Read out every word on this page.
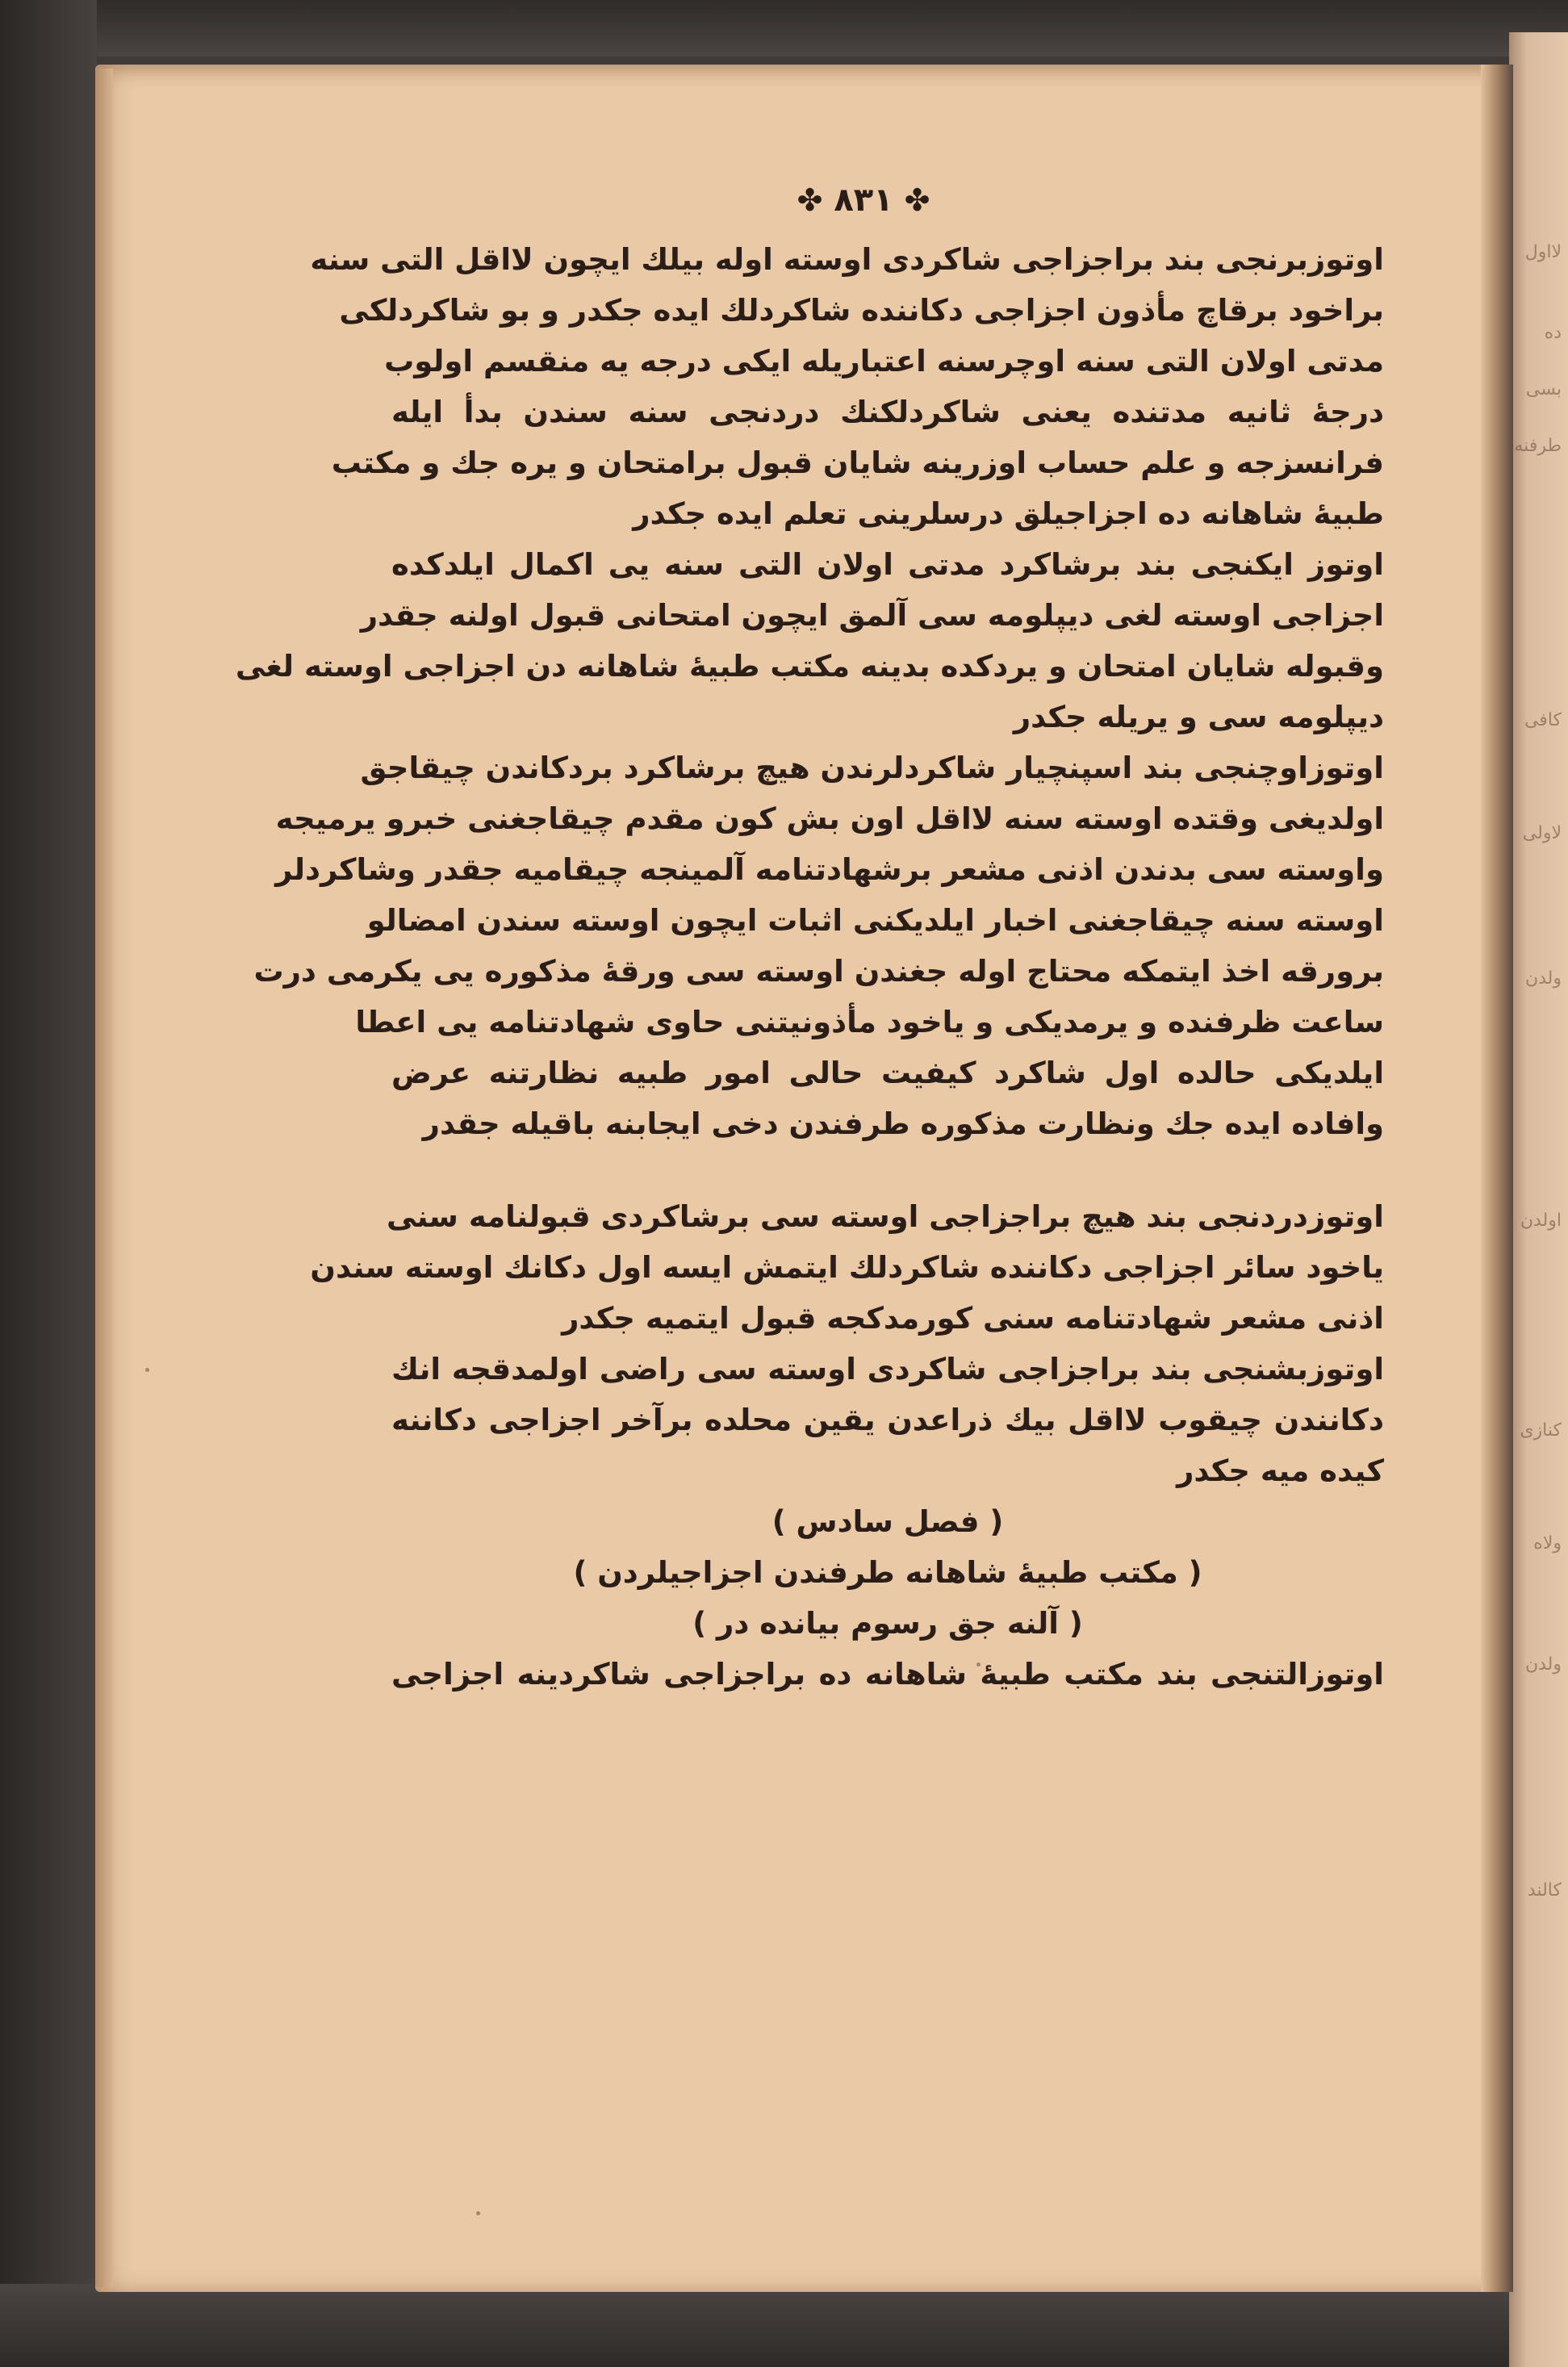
لااول
ده
بسی
طرفنه
کافی
لاولی
ولدن
اولدن
کنازی
ولاه
ولدن
کالند
✤ ٨٣١ ✤
اوتوزبرنجی بند براجزاجی شاکردی اوسته اوله بیلك ایچون لااقل التی سنه
براخود برقاچ مأذون اجزاجی دکاننده شاکردلك ایده جکدر و بو شاکردلکی
مدتی اولان التی سنه اوچرسنه اعتباریله ایکی درجه یه منقسم اولوب
درجهٔ ثانیه مدتنده یعنی شاکردلکنك دردنجی سنه سندن بدأ ایله
فرانسزجه و علم حساب اوزرینه شایان قبول برامتحان و یره جك و مکتب
طبیهٔ شاهانه ده اجزاجیلق درسلرینی تعلم ایده جکدر
اوتوز ایکنجی بند برشاکرد مدتی اولان التی سنه یی اکمال ایلدکده
اجزاجی اوسته لغی دیپلومه سی آلمق ایچون امتحانی قبول اولنه جقدر
وقبوله شایان امتحان و یردکده بدینه مکتب طبیهٔ شاهانه دن اجزاجی اوسته لغی
دیپلومه سی و یریله جکدر
اوتوزاوچنجی بند اسپنچیار شاکردلرندن هیچ برشاکرد بردکاندن چیقاجق
اولدیغی وقتده اوسته سنه لااقل اون بش کون مقدم چیقاجغنی خبرو یرمیجه
واوسته سی بدندن اذنی مشعر برشهادتنامه آلمینجه چیقامیه جقدر وشاکردلر
اوسته سنه چیقاجغنی اخبار ایلدیکنی اثبات ایچون اوسته سندن امضالو
برورقه اخذ ایتمکه محتاج اوله جغندن اوسته سی ورقهٔ مذکوره یی یکرمی درت
ساعت ظرفنده و یرمدیکی و یاخود مأذونیتنی حاوی شهادتنامه یی اعطا
ایلدیکی حالده اول شاکرد کیفیت حالی امور طبیه نظارتنه عرض
وافاده ایده جك ونظارت مذکوره طرفندن دخی ایجابنه باقیله جقدر
اوتوزدردنجی بند هیچ براجزاجی اوسته سی برشاکردی قبولنامه سنی
یاخود سائر اجزاجی دکاننده شاکردلك ایتمش ایسه اول دکانك اوسته سندن
اذنی مشعر شهادتنامه سنی کورمدکجه قبول ایتمیه جکدر
اوتوزبشنجی بند براجزاجی شاکردی اوسته سی راضی اولمدقجه انك
دکانندن چیقوب لااقل بیك ذراعدن یقین محلده برآخر اجزاجی دکاننه
کیده میه جکدر
( فصل سادس )
( مکتب طبیهٔ شاهانه طرفندن اجزاجیلردن )
( آلنه جق رسوم بیانده در )
اوتوزالتنجی بند مکتب طبیهٔ شاهانه ده براجزاجی شاکردینه اجزاجی
